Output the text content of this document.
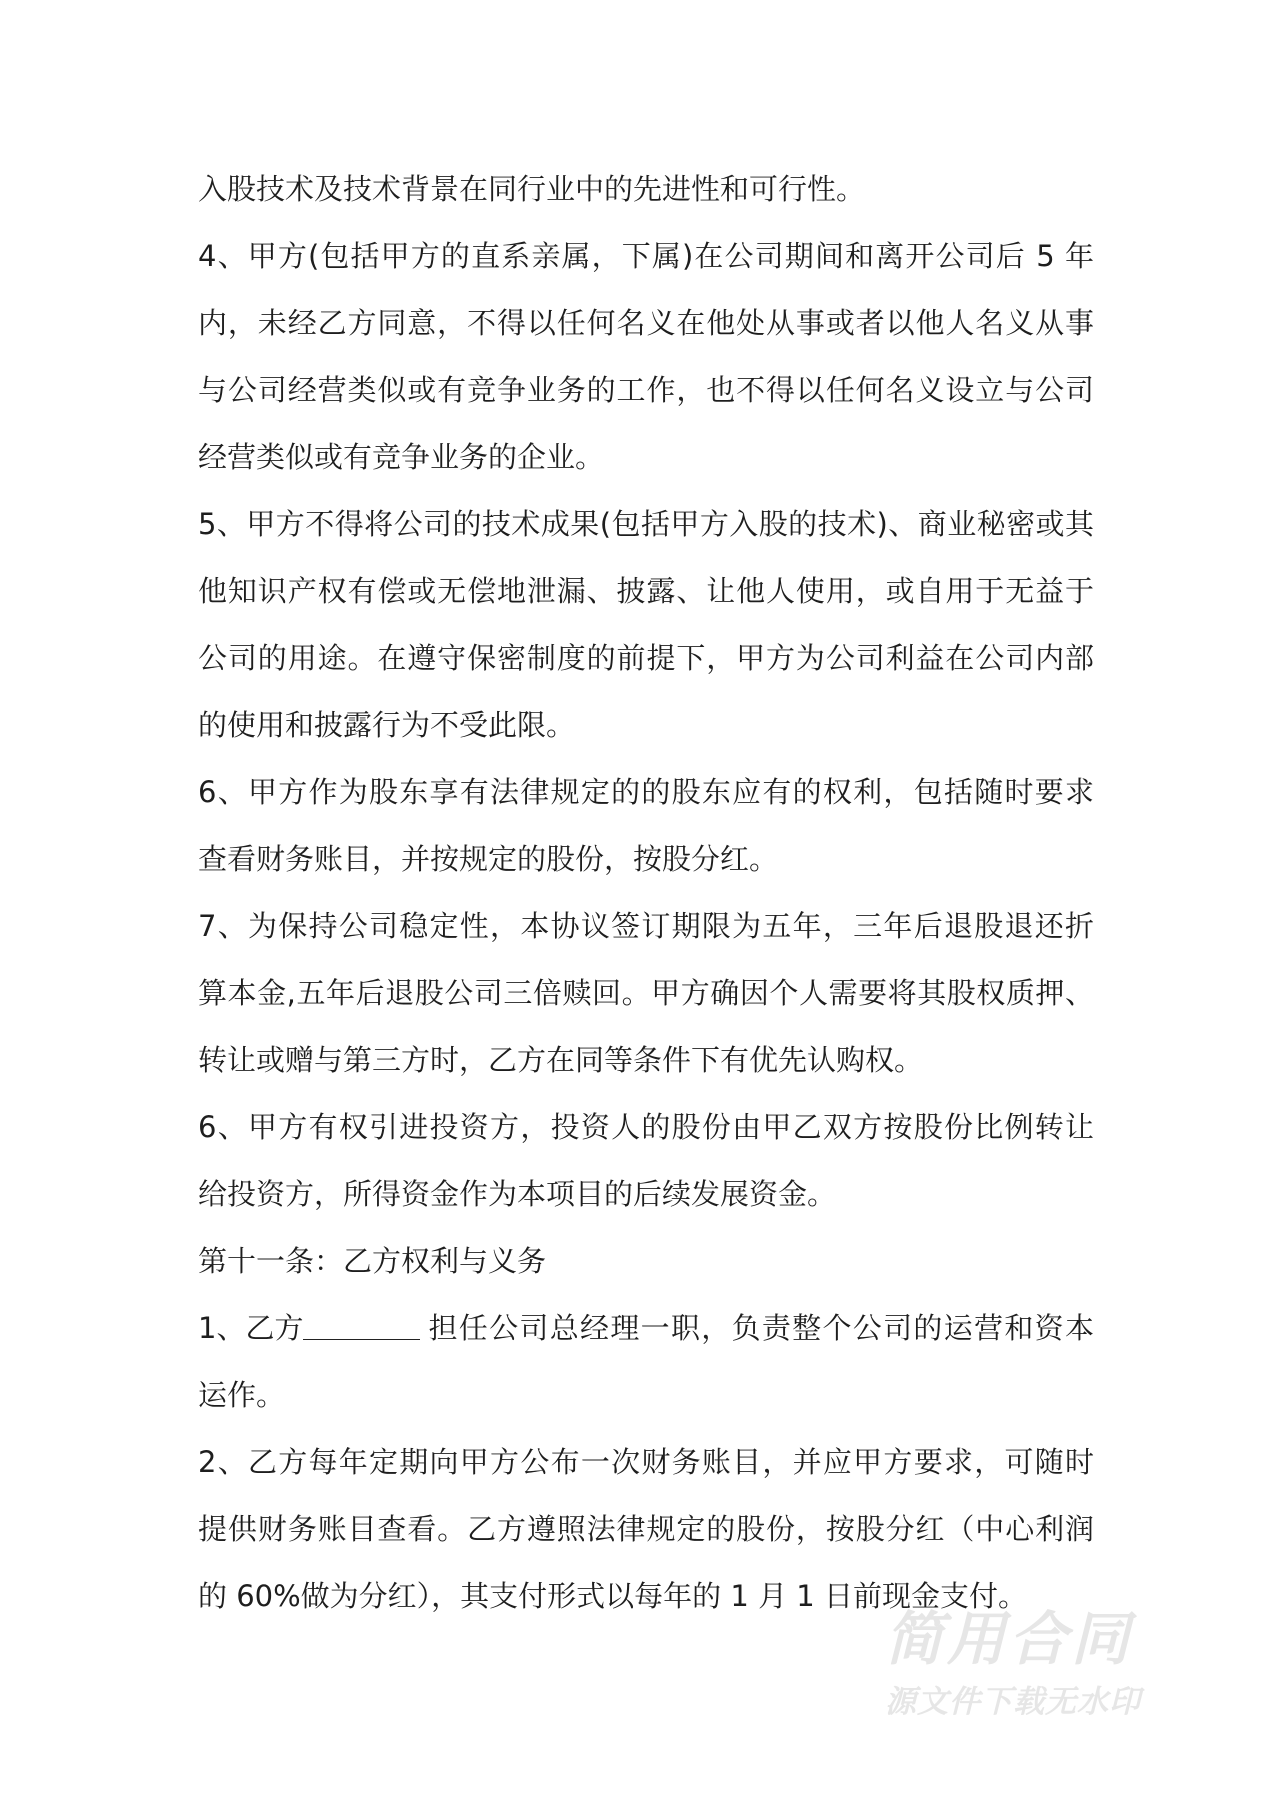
入股技术及技术背景在同行业中的先进性和可行性。
4、甲方(包括甲方的直系亲属，下属)在公司期间和离开公司后 5 年
内，未经乙方同意，不得以任何名义在他处从事或者以他人名义从事
与公司经营类似或有竞争业务的工作，也不得以任何名义设立与公司
经营类似或有竞争业务的企业。
5、甲方不得将公司的技术成果(包括甲方入股的技术)、商业秘密或其
他知识产权有偿或无偿地泄漏、披露、让他人使用，或自用于无益于
公司的用途。在遵守保密制度的前提下，甲方为公司利益在公司内部
的使用和披露行为不受此限。
6、甲方作为股东享有法律规定的的股东应有的权利，包括随时要求
查看财务账目，并按规定的股份，按股分红。
7、为保持公司稳定性，本协议签订期限为五年，三年后退股退还折
算本金,五年后退股公司三倍赎回。甲方确因个人需要将其股权质押、
转让或赠与第三方时，乙方在同等条件下有优先认购权。
6、甲方有权引进投资方，投资人的股份由甲乙双方按股份比例转让
给投资方，所得资金作为本项目的后续发展资金。
第十一条：乙方权利与义务
1、乙方	担任公司总经理一职，负责整个公司的运营和资本
运作。
2、乙方每年定期向甲方公布一次财务账目，并应甲方要求，可随时
提供财务账目查看。乙方遵照法律规定的股份，按股分红（中心利润
的 60%做为分红），其支付形式以每年的 1 月 1 日前现金支付。
简用合同
源文件下载无水印
